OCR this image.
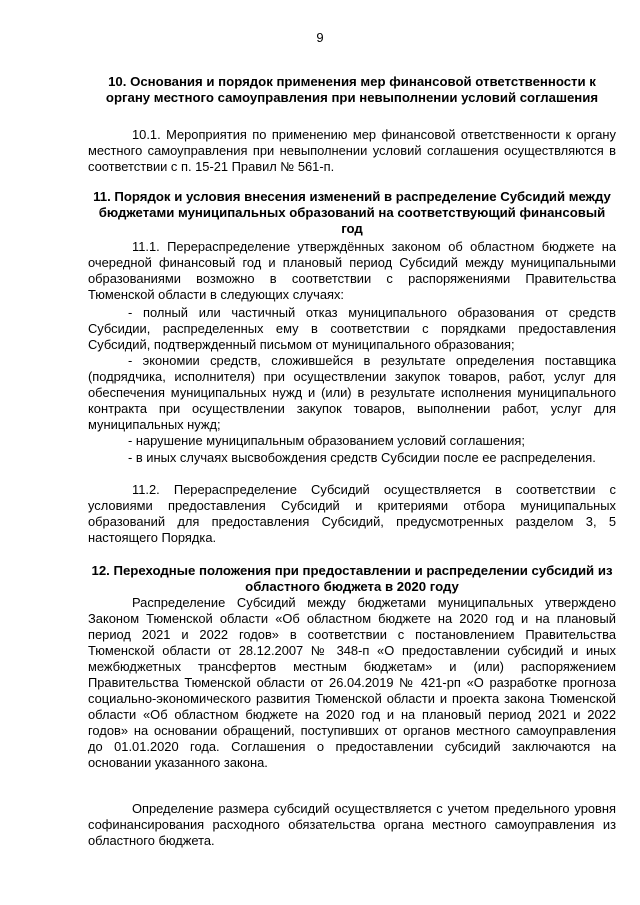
9
10. Основания и порядок применения мер финансовой ответственности к органу местного самоуправления при невыполнении условий соглашения
10.1. Мероприятия по применению мер финансовой ответственности к органу местного самоуправления при невыполнении условий соглашения осуществляются в соответствии с п. 15-21 Правил № 561-п.
11. Порядок и условия внесения изменений в распределение Субсидий между бюджетами муниципальных образований на соответствующий финансовый год
11.1. Перераспределение утверждённых законом об областном бюджете на очередной финансовый год и плановый период Субсидий между муниципальными образованиями возможно в соответствии с распоряжениями Правительства Тюменской области в следующих случаях:
- полный или частичный отказ муниципального образования от средств Субсидии, распределенных ему в соответствии с порядками предоставления Субсидий, подтвержденный письмом от муниципального образования;
- экономии средств, сложившейся в результате определения поставщика (подрядчика, исполнителя) при осуществлении закупок товаров, работ, услуг для обеспечения муниципальных нужд и (или) в результате исполнения муниципального контракта при осуществлении закупок товаров, выполнении работ, услуг для муниципальных нужд;
- нарушение муниципальным образованием условий соглашения;
- в иных случаях высвобождения средств Субсидии после ее распределения.
11.2. Перераспределение Субсидий осуществляется в соответствии с условиями предоставления Субсидий и критериями отбора муниципальных образований для предоставления Субсидий, предусмотренных разделом 3, 5 настоящего Порядка.
12. Переходные положения при предоставлении и распределении субсидий из областного бюджета в 2020 году
Распределение Субсидий между бюджетами муниципальных утверждено Законом Тюменской области «Об областном бюджете на 2020 год и на плановый период 2021 и 2022 годов» в соответствии с постановлением Правительства Тюменской области от 28.12.2007 № 348-п «О предоставлении субсидий и иных межбюджетных трансфертов местным бюджетам» и (или) распоряжением Правительства Тюменской области от 26.04.2019 № 421-рп «О разработке прогноза социально-экономического развития Тюменской области и проекта закона Тюменской области «Об областном бюджете на 2020 год и на плановый период 2021 и 2022 годов» на основании обращений, поступивших от органов местного самоуправления до 01.01.2020 года. Соглашения о предоставлении субсидий заключаются на основании указанного закона.
Определение размера субсидий осуществляется с учетом предельного уровня софинансирования расходного обязательства органа местного самоуправления из областного бюджета.
